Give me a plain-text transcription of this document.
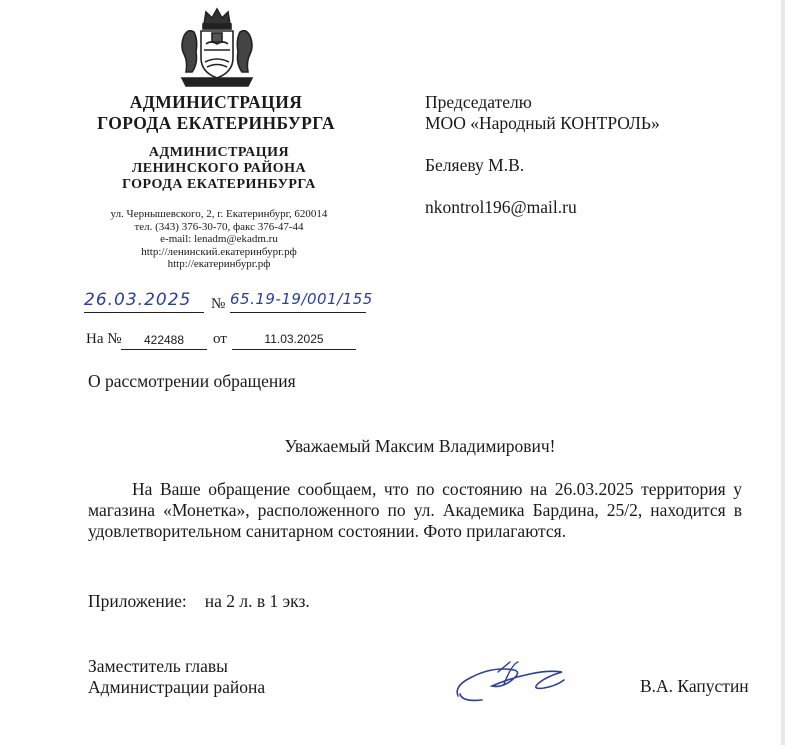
АДМИНИСТРАЦИЯ
ГОРОДА ЕКАТЕРИНБУРГА
АДМИНИСТРАЦИЯ
ЛЕНИНСКОГО РАЙОНА
ГОРОДА ЕКАТЕРИНБУРГА
ул. Чернышевского, 2, г. Екатеринбург, 620014
тел. (343) 376-30-70, факс 376-47-44
e-mail: lenadm@ekadm.ru
http://ленинский.екатеринбург.рф
http://екатеринбург.рф
Председателю
МОО «Народный КОНТРОЛЬ»
Беляеву М.В.
nkontrol196@mail.ru
26.03.2025	№ 65.19-19/001/155
На №	422488	от	11.03.2025
О рассмотрении обращения
Уважаемый Максим Владимирович!
На Ваше обращение сообщаем, что по состоянию на 26.03.2025 территория у магазина «Монетка», расположенного по ул. Академика Бардина, 25/2, находится в удовлетворительном санитарном состоянии. Фото прилагаются.
Приложение: на 2 л. в 1 экз.
Заместитель главы
Администрации района	В.А. Капустин
